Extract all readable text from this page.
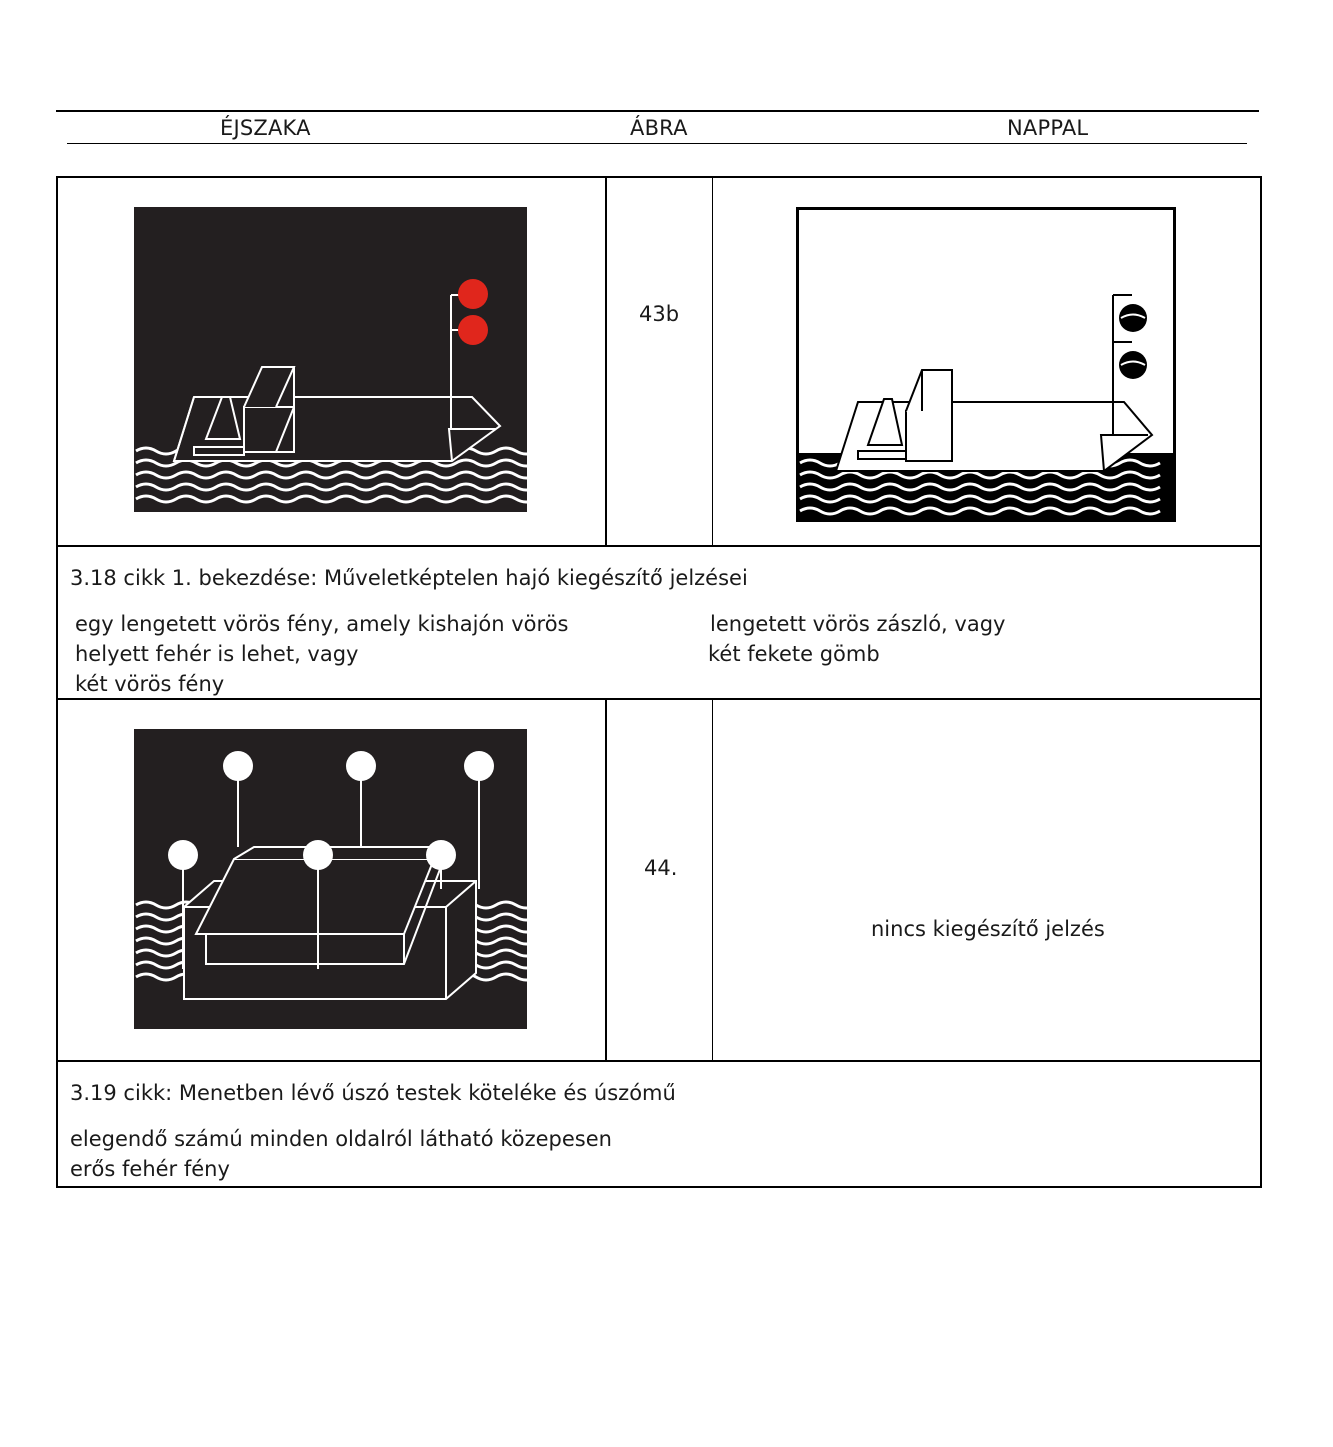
ÉJSZAKA	ÁBRA	NAPPAL
43b
3.18 cikk 1. bekezdése: Műveletképtelen hajó kiegészítő jelzései
egy lengetett vörös fény, amely kishajón vörös
helyett fehér is lehet, vagy
két vörös fény
lengetett vörös zászló, vagy
két fekete gömb
44.
nincs kiegészítő jelzés
3.19 cikk: Menetben lévő úszó testek köteléke és úszómű
elegendő számú minden oldalról látható közepesen
erős fehér fény
